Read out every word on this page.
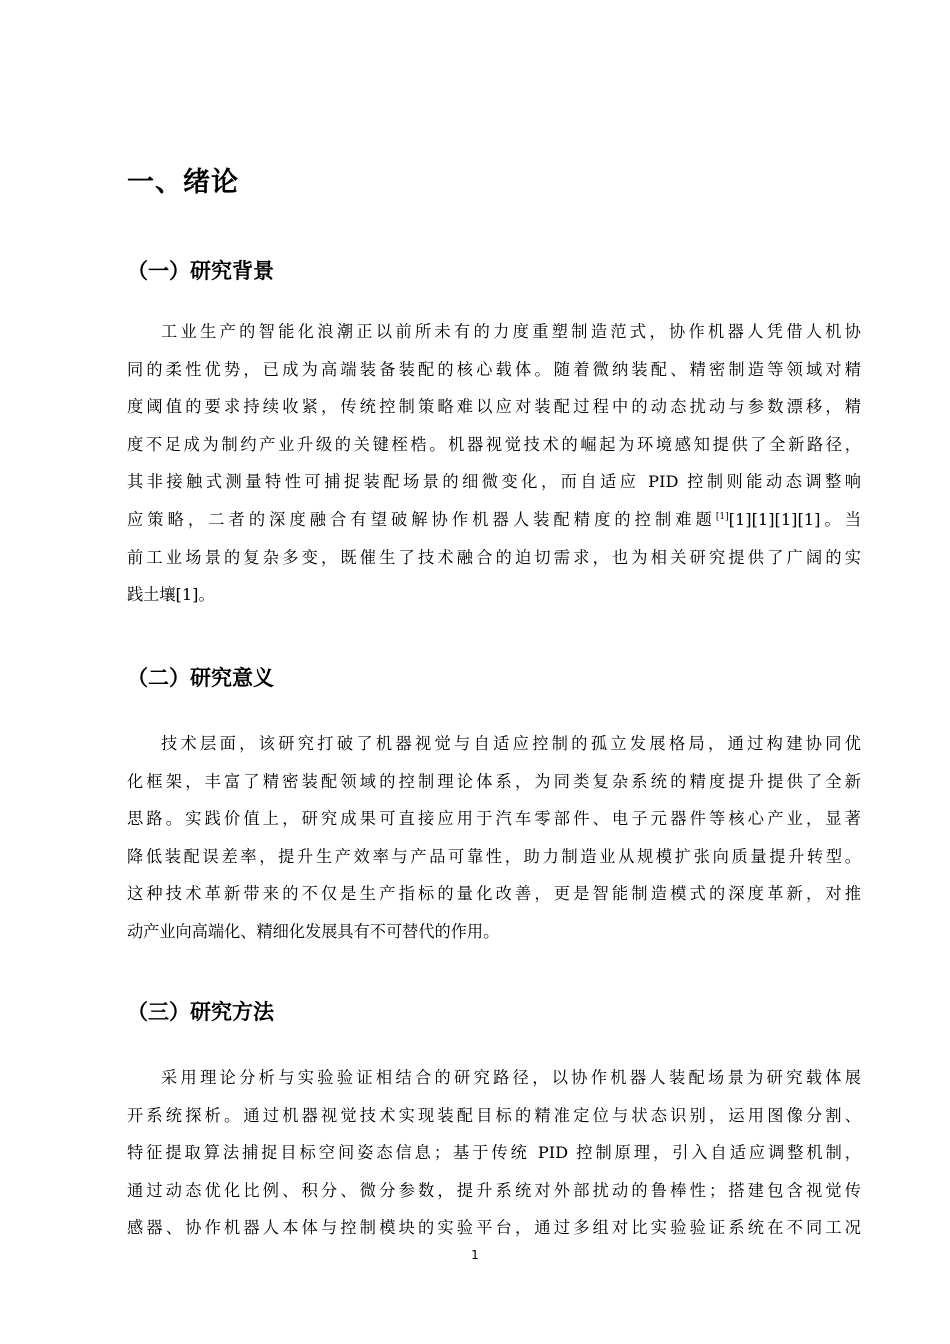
一、绪论
（一）研究背景
工业生产的智能化浪潮正以前所未有的力度重塑制造范式，协作机器人凭借人机协
同的柔性优势，已成为高端装备装配的核心载体。随着微纳装配、精密制造等领域对精
度阈值的要求持续收紧，传统控制策略难以应对装配过程中的动态扰动与参数漂移，精
度不足成为制约产业升级的关键桎梏。机器视觉技术的崛起为环境感知提供了全新路径，
其非接触式测量特性可捕捉装配场景的细微变化，而自适应 PID 控制则能动态调整响
应策略，二者的深度融合有望破解协作机器人装配精度的控制难题[1][1][1][1][1]。当
前工业场景的复杂多变，既催生了技术融合的迫切需求，也为相关研究提供了广阔的实
践土壤[1]。
（二）研究意义
技术层面，该研究打破了机器视觉与自适应控制的孤立发展格局，通过构建协同优
化框架，丰富了精密装配领域的控制理论体系，为同类复杂系统的精度提升提供了全新
思路。实践价值上，研究成果可直接应用于汽车零部件、电子元器件等核心产业，显著
降低装配误差率，提升生产效率与产品可靠性，助力制造业从规模扩张向质量提升转型。
这种技术革新带来的不仅是生产指标的量化改善，更是智能制造模式的深度革新，对推
动产业向高端化、精细化发展具有不可替代的作用。
（三）研究方法
采用理论分析与实验验证相结合的研究路径，以协作机器人装配场景为研究载体展
开系统探析。通过机器视觉技术实现装配目标的精准定位与状态识别，运用图像分割、
特征提取算法捕捉目标空间姿态信息；基于传统 PID 控制原理，引入自适应调整机制，
通过动态优化比例、积分、微分参数，提升系统对外部扰动的鲁棒性；搭建包含视觉传
感器、协作机器人本体与控制模块的实验平台，通过多组对比实验验证系统在不同工况
1
